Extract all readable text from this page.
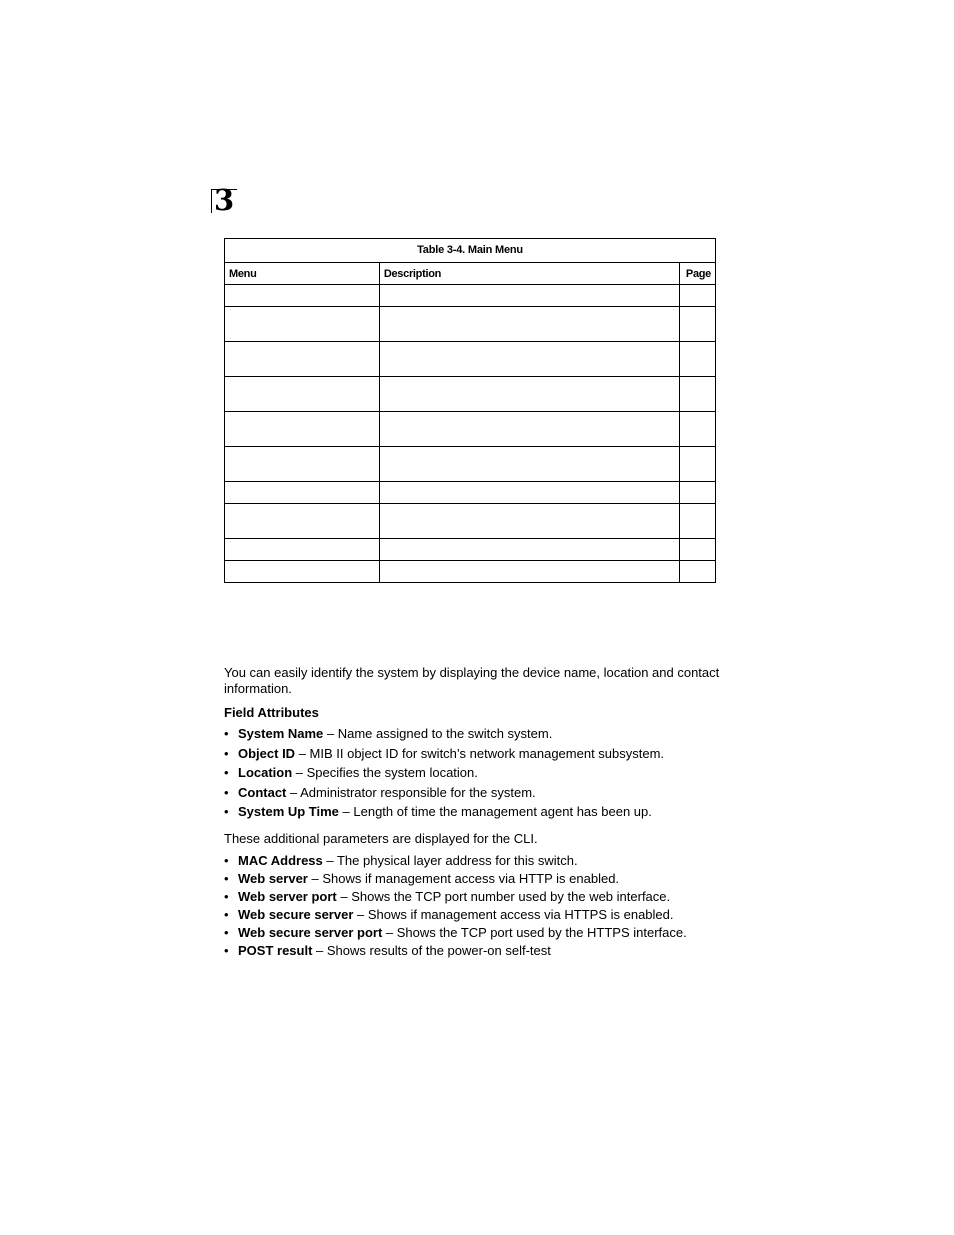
3
Table 3-4. Main Menu
Menu	Description	Page

You can easily identify the system by displaying the device name, location and contact information.
Field Attributes
• System Name – Name assigned to the switch system.
• Object ID – MIB II object ID for switch’s network management subsystem.
• Location – Specifies the system location.
• Contact – Administrator responsible for the system.
• System Up Time – Length of time the management agent has been up.
These additional parameters are displayed for the CLI.
• MAC Address – The physical layer address for this switch.
• Web server – Shows if management access via HTTP is enabled.
• Web server port – Shows the TCP port number used by the web interface.
• Web secure server – Shows if management access via HTTPS is enabled.
• Web secure server port – Shows the TCP port used by the HTTPS interface.
• POST result – Shows results of the power-on self-test
